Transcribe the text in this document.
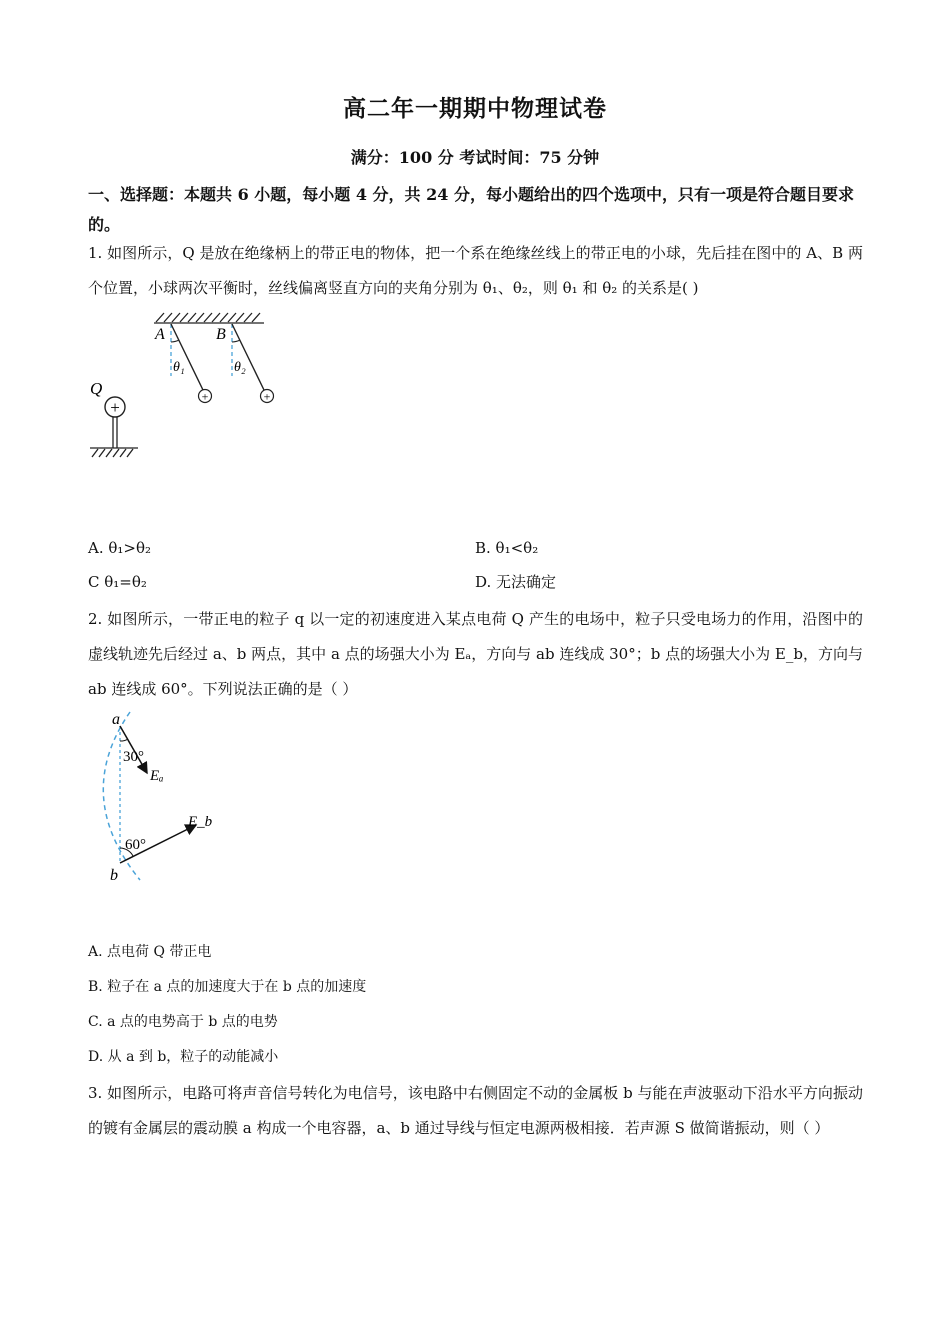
高二年一期期中物理试卷
满分：100 分 考试时间：75 分钟
一、选择题：本题共 6 小题，每小题 4 分，共 24 分，每小题给出的四个选项中，只有一项是符合题目要求的。
1. 如图所示，Q 是放在绝缘柄上的带正电的物体，把一个系在绝缘丝线上的带正电的小球，先后挂在图中的 A、B 两个位置，小球两次平衡时，丝线偏离竖直方向的夹角分别为 θ₁、θ₂，则 θ₁ 和 θ₂ 的关系是( )
+	+
A	B
θ₁	θ₂
Q
+
A. θ₁>θ₂	B. θ₁<θ₂
C θ₁=θ₂	D. 无法确定
2. 如图所示，一带正电的粒子 q 以一定的初速度进入某点电荷 Q 产生的电场中，粒子只受电场力的作用，沿图中的虚线轨迹先后经过 a、b 两点，其中 a 点的场强大小为 Eₐ，方向与 ab 连线成 30°；b 点的场强大小为 E_b，方向与 ab 连线成 60°。下列说法正确的是（ ）
a
b
30°
60°
Eₐ
E_b
A. 点电荷 Q 带正电
B. 粒子在 a 点的加速度大于在 b 点的加速度
C. a 点的电势高于 b 点的电势
D. 从 a 到 b，粒子的动能减小
3. 如图所示，电路可将声音信号转化为电信号，该电路中右侧固定不动的金属板 b 与能在声波驱动下沿水平方向振动的镀有金属层的震动膜 a 构成一个电容器，a、b 通过导线与恒定电源两极相接．若声源 S 做简谐振动，则（ ）
